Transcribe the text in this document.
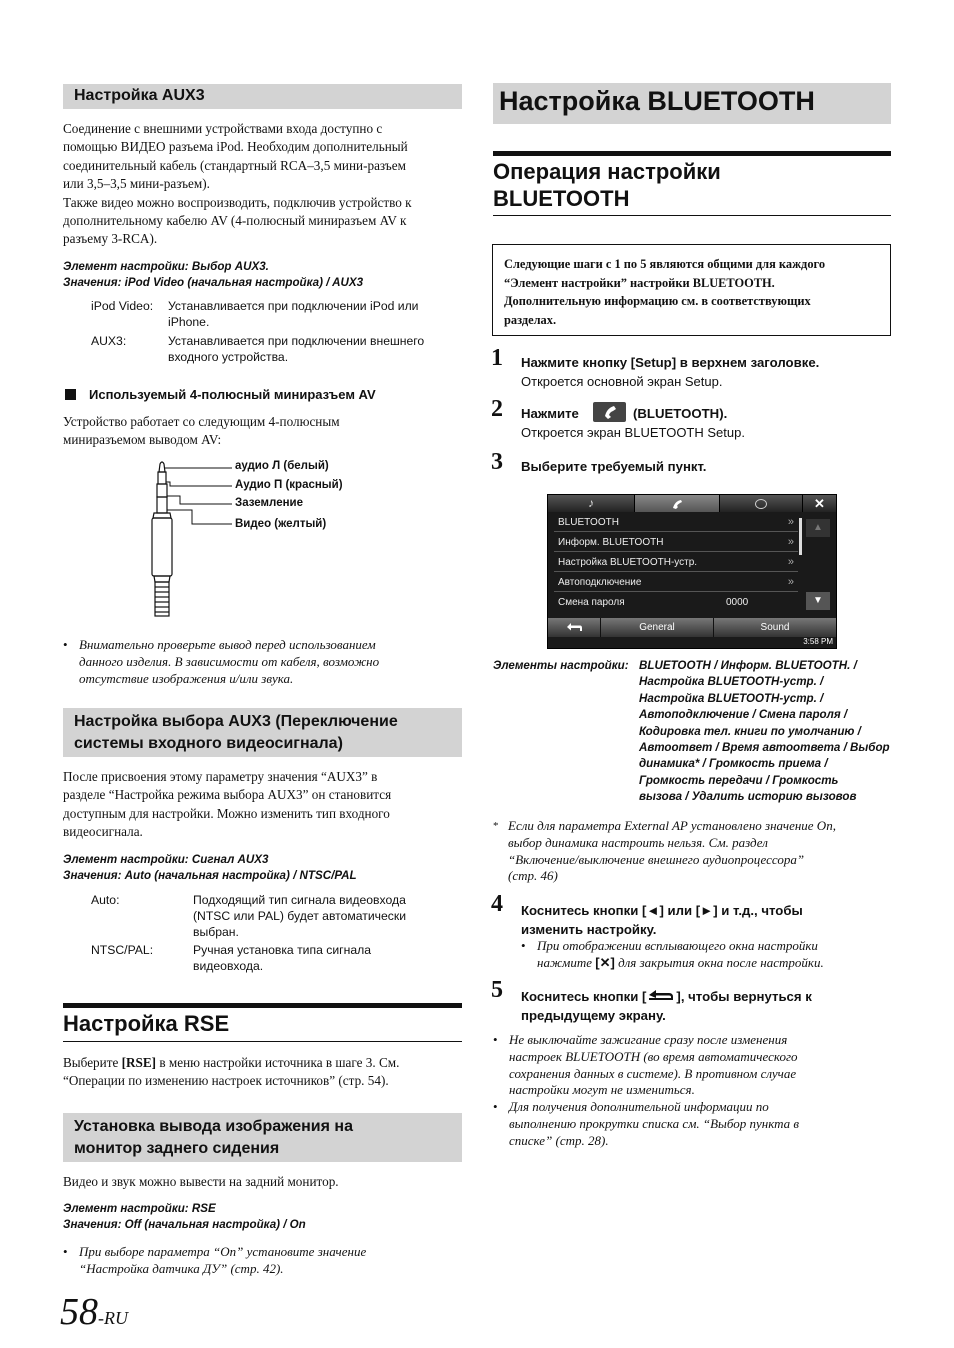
Настройка AUX3
Соединение с внешними устройствами входа доступно с
помощью ВИДЕО разъема iPod. Необходим дополнительный
соединительный кабель (стандартный RCA–3,5 мини-разъем
или 3,5–3,5 мини-разъем).
Также видео можно воспроизводить, подключив устройство к
дополнительному кабелю AV (4-полюсный миниразъем AV к
разъему 3-RCA).
Элемент настройки: Выбор AUX3.
Значения: iPod Video (начальная настройка) / AUX3
iPod Video: Устанавливается при подключении iPod или
iPhone.
AUX3:	Устанавливается при подключении внешнего
входного устройства.
Используемый 4-полюсный миниразъем AV
Устройство работает со следующим 4-полюсным
миниразъемом выводом AV:
аудио Л (белый)
Аудио П (красный)
Заземление
Видео (желтый)
• Внимательно проверьте вывод перед использованием
данного изделия. В зависимости от кабеля, возможно
отсутствие изображения и/или звука.
Настройка выбора AUX3 (Переключение
системы входного видеосигнала)
После присвоения этому параметру значения “AUX3” в
разделе “Настройка режима выбора AUX3” он становится
доступным для настройки. Можно изменить тип входного
видеосигнала.
Элемент настройки: Сигнал AUX3
Значения: Auto (начальная настройка) / NTSC/PAL
Auto:	Подходящий тип сигнала видеовхода
(NTSC или PAL) будет автоматически
выбран.
NTSC/PAL:	Ручная установка типа сигнала
видеовхода.
Настройка RSE
Выберите [RSE] в меню настройки источника в шаге 3. См.
“Операции по изменению настроек источников” (стр. 54).
Установка вывода изображения на
монитор заднего сидения
Видео и звук можно вывести на задний монитор.
Элемент настройки: RSE
Значения: Off (начальная настройка) / On
• При выборе параметра “On” установите значение
“Настройка датчика ДУ” (стр. 42).
58-RU
Настройка BLUETOOTH
Операция настройки
BLUETOOTH
Следующие шаги с 1 по 5 являются общими для каждого
“Элемент настройки” настройки BLUETOOTH.
Дополнительную информацию см. в соответствующих
разделах.
1 Нажмите кнопку [Setup] в верхнем заголовке.
Откроется основной экран Setup.
2 Нажмите	(BLUETOOTH).
Откроется экран BLUETOOTH Setup.
3 Выберите требуемый пункт.
♪	✕
BLUETOOTH	»
Информ. BLUETOOTH	»
Настройка BLUETOOTH-устр.	»
Автоподключение	»
Смена пароля	0000
▲
▼
General	Sound
3:58 PM
Элементы настройки: BLUETOOTH / Информ. BLUETOOTH. /
Настройка BLUETOOTH-устр. /
Настройка BLUETOOTH-устр. /
Автоподключение / Смена пароля /
Кодировка тел. книги по умолчанию /
Автоответ / Время автоответа / Выбор
динамика* / Громкость приема /
Громкость передачи / Громкость
вызова / Удалить историю вызовов
* Если для параметра External AP установлено значение On,
выбор динамика настроить нельзя. См. раздел
“Включение/выключение внешнего аудиопроцессора”
(стр. 46)
4 Коснитесь кнопки [◄] или [►] и т.д., чтобы
изменить настройку.
• При отображении всплывающего окна настройки
нажмите [✕] для закрытия окна после настройки.
5 Коснитесь кнопки [ ], чтобы вернуться к
предыдущему экрану.
• Не выключайте зажигание сразу после изменения
настроек BLUETOOTH (во время автоматического
сохранения данных в системе). В противном случае
настройки могут не измениться.
• Для получения дополнительной информации по
выполнению прокрутки списка см. “Выбор пункта в
списке” (стр. 28).
